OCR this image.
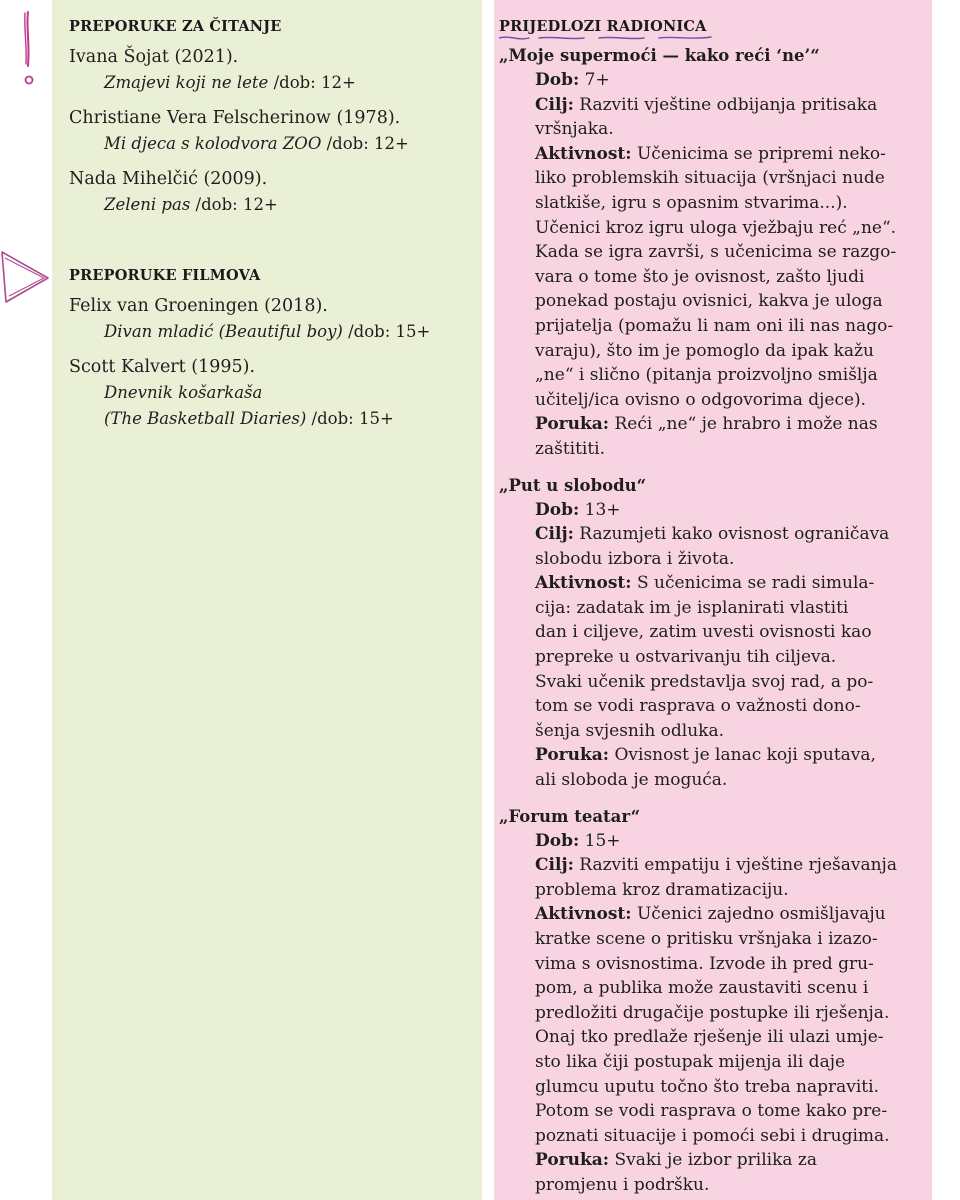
PREPORUKE ZA ČITANJE
Ivana Šojat (2021).
Zmajevi koji ne lete /dob: 12+
Christiane Vera Felscherinow (1978).
Mi djeca s kolodvora ZOO /dob: 12+
Nada Mihelčić (2009).
Zeleni pas /dob: 12+
PREPORUKE FILMOVA
Felix van Groeningen (2018).
Divan mladić (Beautiful boy) /dob: 15+
Scott Kalvert (1995).
Dnevnik košarkaša
(The Basketball Diaries) /dob: 15+
PRIJEDLOZI RADIONICA
„Moje supermoći — kako reći ‘ne’“
Dob: 7+
Cilj: Razviti vještine odbijanja pritisaka
vršnjaka.
Aktivnost: Učenicima se pripremi neko-
liko problemskih situacija (vršnjaci nude
slatkiše, igru s opasnim stvarima...).
Učenici kroz igru uloga vježbaju reć „ne“.
Kada se igra završi, s učenicima se razgo-
vara o tome što je ovisnost, zašto ljudi
ponekad postaju ovisnici, kakva je uloga
prijatelja (pomažu li nam oni ili nas nago-
varaju), što im je pomoglo da ipak kažu
„ne“ i slično (pitanja proizvoljno smišlja
učitelj/ica ovisno o odgovorima djece).
Poruka: Reći „ne“ je hrabro i može nas
zaštititi.
„Put u slobodu“
Dob: 13+
Cilj: Razumjeti kako ovisnost ograničava
slobodu izbora i života.
Aktivnost: S učenicima se radi simula-
cija: zadatak im je isplanirati vlastiti
dan i ciljeve, zatim uvesti ovisnosti kao
prepreke u ostvarivanju tih ciljeva.
Svaki učenik predstavlja svoj rad, a po-
tom se vodi rasprava o važnosti dono-
šenja svjesnih odluka.
Poruka: Ovisnost je lanac koji sputava,
ali sloboda je moguća.
„Forum teatar“
Dob: 15+
Cilj: Razviti empatiju i vještine rješavanja
problema kroz dramatizaciju.
Aktivnost: Učenici zajedno osmišljavaju
kratke scene o pritisku vršnjaka i izazo-
vima s ovisnostima. Izvode ih pred gru-
pom, a publika može zaustaviti scenu i
predložiti drugačije postupke ili rješenja.
Onaj tko predlaže rješenje ili ulazi umje-
sto lika čiji postupak mijenja ili daje
glumcu uputu točno što treba napraviti.
Potom se vodi rasprava o tome kako pre-
poznati situacije i pomoći sebi i drugima.
Poruka: Svaki je izbor prilika za
promjenu i podršku.
